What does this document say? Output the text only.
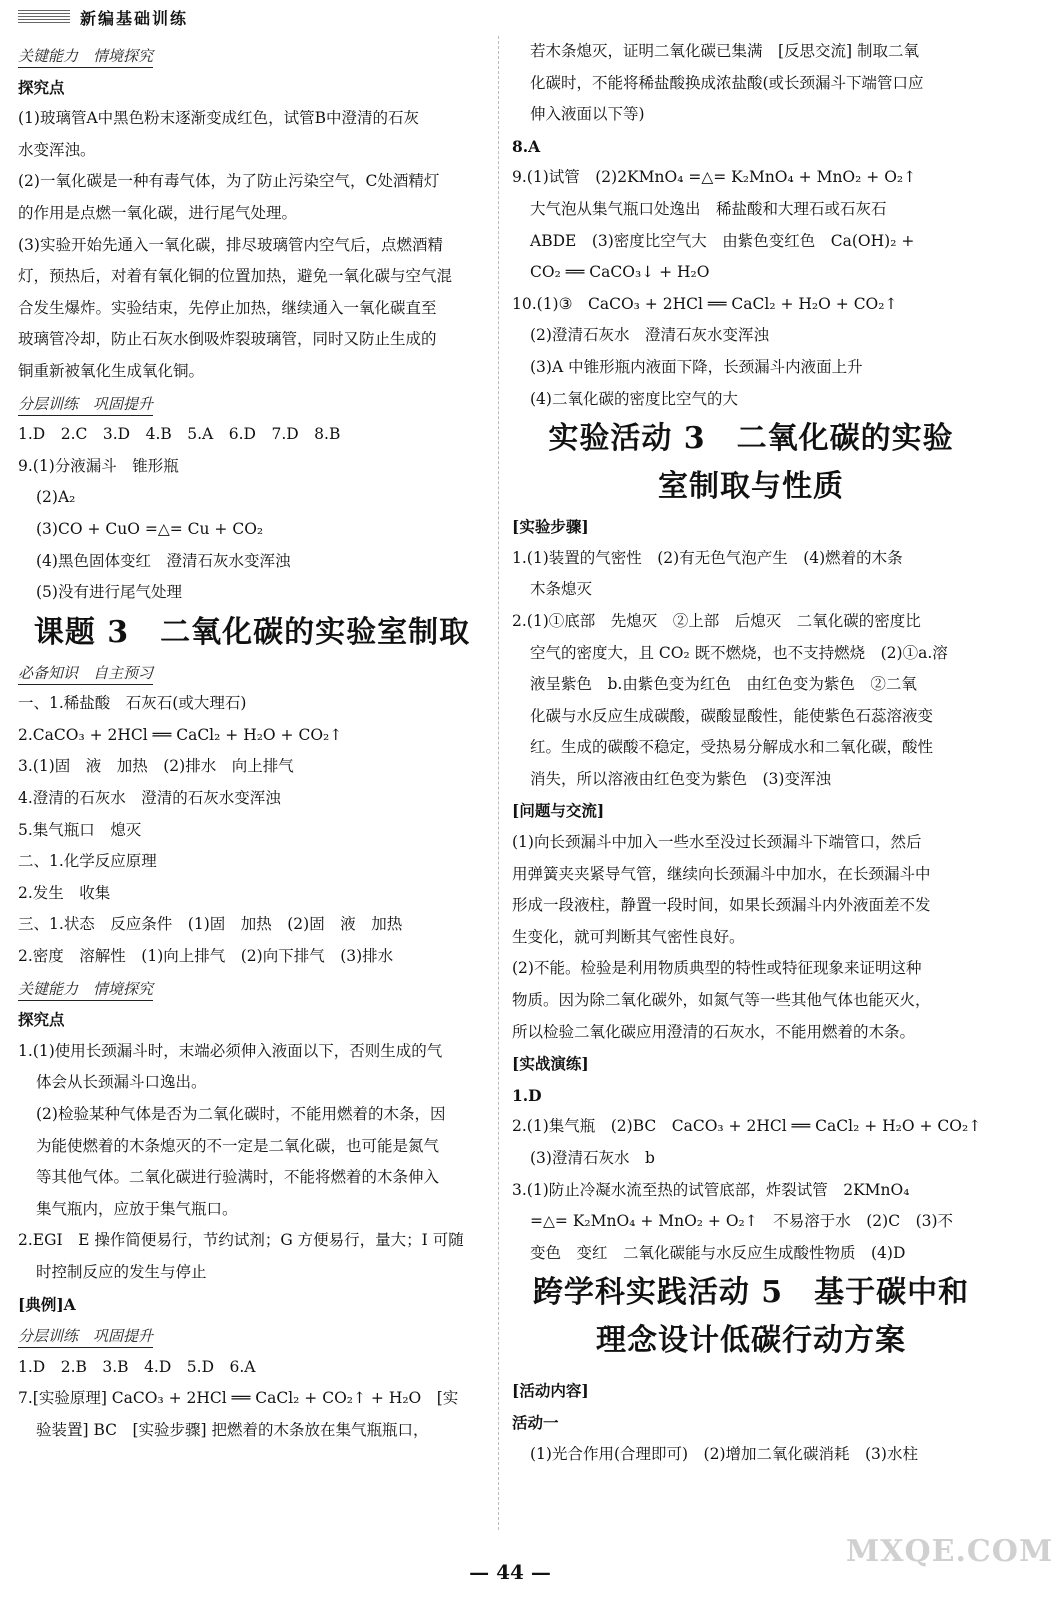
新编基础训练
关键能力　情境探究
探究点
(1)玻璃管A中黑色粉末逐渐变成红色，试管B中澄清的石灰
水变浑浊。
(2)一氧化碳是一种有毒气体，为了防止污染空气，C处酒精灯
的作用是点燃一氧化碳，进行尾气处理。
(3)实验开始先通入一氧化碳，排尽玻璃管内空气后，点燃酒精
灯，预热后，对着有氧化铜的位置加热，避免一氧化碳与空气混
合发生爆炸。实验结束，先停止加热，继续通入一氧化碳直至
玻璃管冷却，防止石灰水倒吸炸裂玻璃管，同时又防止生成的
铜重新被氧化生成氧化铜。
分层训练　巩固提升
1.D　2.C　3.D　4.B　5.A　6.D　7.D　8.B
9.(1)分液漏斗　锥形瓶
(2)A₂
(3)CO + CuO =△= Cu + CO₂
(4)黑色固体变红　澄清石灰水变浑浊
(5)没有进行尾气处理
课题 3　二氧化碳的实验室制取
必备知识　自主预习
一、1.稀盐酸　石灰石(或大理石)
2.CaCO₃ + 2HCl ══ CaCl₂ + H₂O + CO₂↑
3.(1)固　液　加热　(2)排水　向上排气
4.澄清的石灰水　澄清的石灰水变浑浊
5.集气瓶口　熄灭
二、1.化学反应原理
2.发生　收集
三、1.状态　反应条件　(1)固　加热　(2)固　液　加热
2.密度　溶解性　(1)向上排气　(2)向下排气　(3)排水
关键能力　情境探究
探究点
1.(1)使用长颈漏斗时，末端必须伸入液面以下，否则生成的气
体会从长颈漏斗口逸出。
(2)检验某种气体是否为二氧化碳时，不能用燃着的木条，因
为能使燃着的木条熄灭的不一定是二氧化碳，也可能是氮气
等其他气体。二氧化碳进行验满时，不能将燃着的木条伸入
集气瓶内，应放于集气瓶口。
2.EGI　E 操作简便易行，节约试剂；G 方便易行，量大；I 可随
时控制反应的发生与停止
[典例]A
分层训练　巩固提升
1.D　2.B　3.B　4.D　5.D　6.A
7.[实验原理] CaCO₃ + 2HCl ══ CaCl₂ + CO₂↑ + H₂O　[实
验装置] BC　[实验步骤] 把燃着的木条放在集气瓶瓶口，
若木条熄灭，证明二氧化碳已集满　[反思交流] 制取二氧
化碳时，不能将稀盐酸换成浓盐酸(或长颈漏斗下端管口应
伸入液面以下等)
8.A
9.(1)试管　(2)2KMnO₄ =△= K₂MnO₄ + MnO₂ + O₂↑
大气泡从集气瓶口处逸出　稀盐酸和大理石或石灰石
ABDE　(3)密度比空气大　由紫色变红色　Ca(OH)₂ +
CO₂ ══ CaCO₃↓ + H₂O
10.(1)③　CaCO₃ + 2HCl ══ CaCl₂ + H₂O + CO₂↑
(2)澄清石灰水　澄清石灰水变浑浊
(3)A 中锥形瓶内液面下降，长颈漏斗内液面上升
(4)二氧化碳的密度比空气的大
实验活动 3　二氧化碳的实验
室制取与性质
[实验步骤]
1.(1)装置的气密性　(2)有无色气泡产生　(4)燃着的木条
木条熄灭
2.(1)①底部　先熄灭　②上部　后熄灭　二氧化碳的密度比
空气的密度大，且 CO₂ 既不燃烧，也不支持燃烧　(2)①a.溶
液呈紫色　b.由紫色变为红色　由红色变为紫色　②二氧
化碳与水反应生成碳酸，碳酸显酸性，能使紫色石蕊溶液变
红。生成的碳酸不稳定，受热易分解成水和二氧化碳，酸性
消失，所以溶液由红色变为紫色　(3)变浑浊
[问题与交流]
(1)向长颈漏斗中加入一些水至没过长颈漏斗下端管口，然后
用弹簧夹夹紧导气管，继续向长颈漏斗中加水，在长颈漏斗中
形成一段液柱，静置一段时间，如果长颈漏斗内外液面差不发
生变化，就可判断其气密性良好。
(2)不能。检验是利用物质典型的特性或特征现象来证明这种
物质。因为除二氧化碳外，如氮气等一些其他气体也能灭火，
所以检验二氧化碳应用澄清的石灰水，不能用燃着的木条。
[实战演练]
1.D
2.(1)集气瓶　(2)BC　CaCO₃ + 2HCl ══ CaCl₂ + H₂O + CO₂↑
(3)澄清石灰水　b
3.(1)防止冷凝水流至热的试管底部，炸裂试管　2KMnO₄
=△= K₂MnO₄ + MnO₂ + O₂↑　不易溶于水　(2)C　(3)不
变色　变红　二氧化碳能与水反应生成酸性物质　(4)D
跨学科实践活动 5　基于碳中和
理念设计低碳行动方案
[活动内容]
活动一
(1)光合作用(合理即可)　(2)增加二氧化碳消耗　(3)水柱
— 44 —
MXQE.COM
